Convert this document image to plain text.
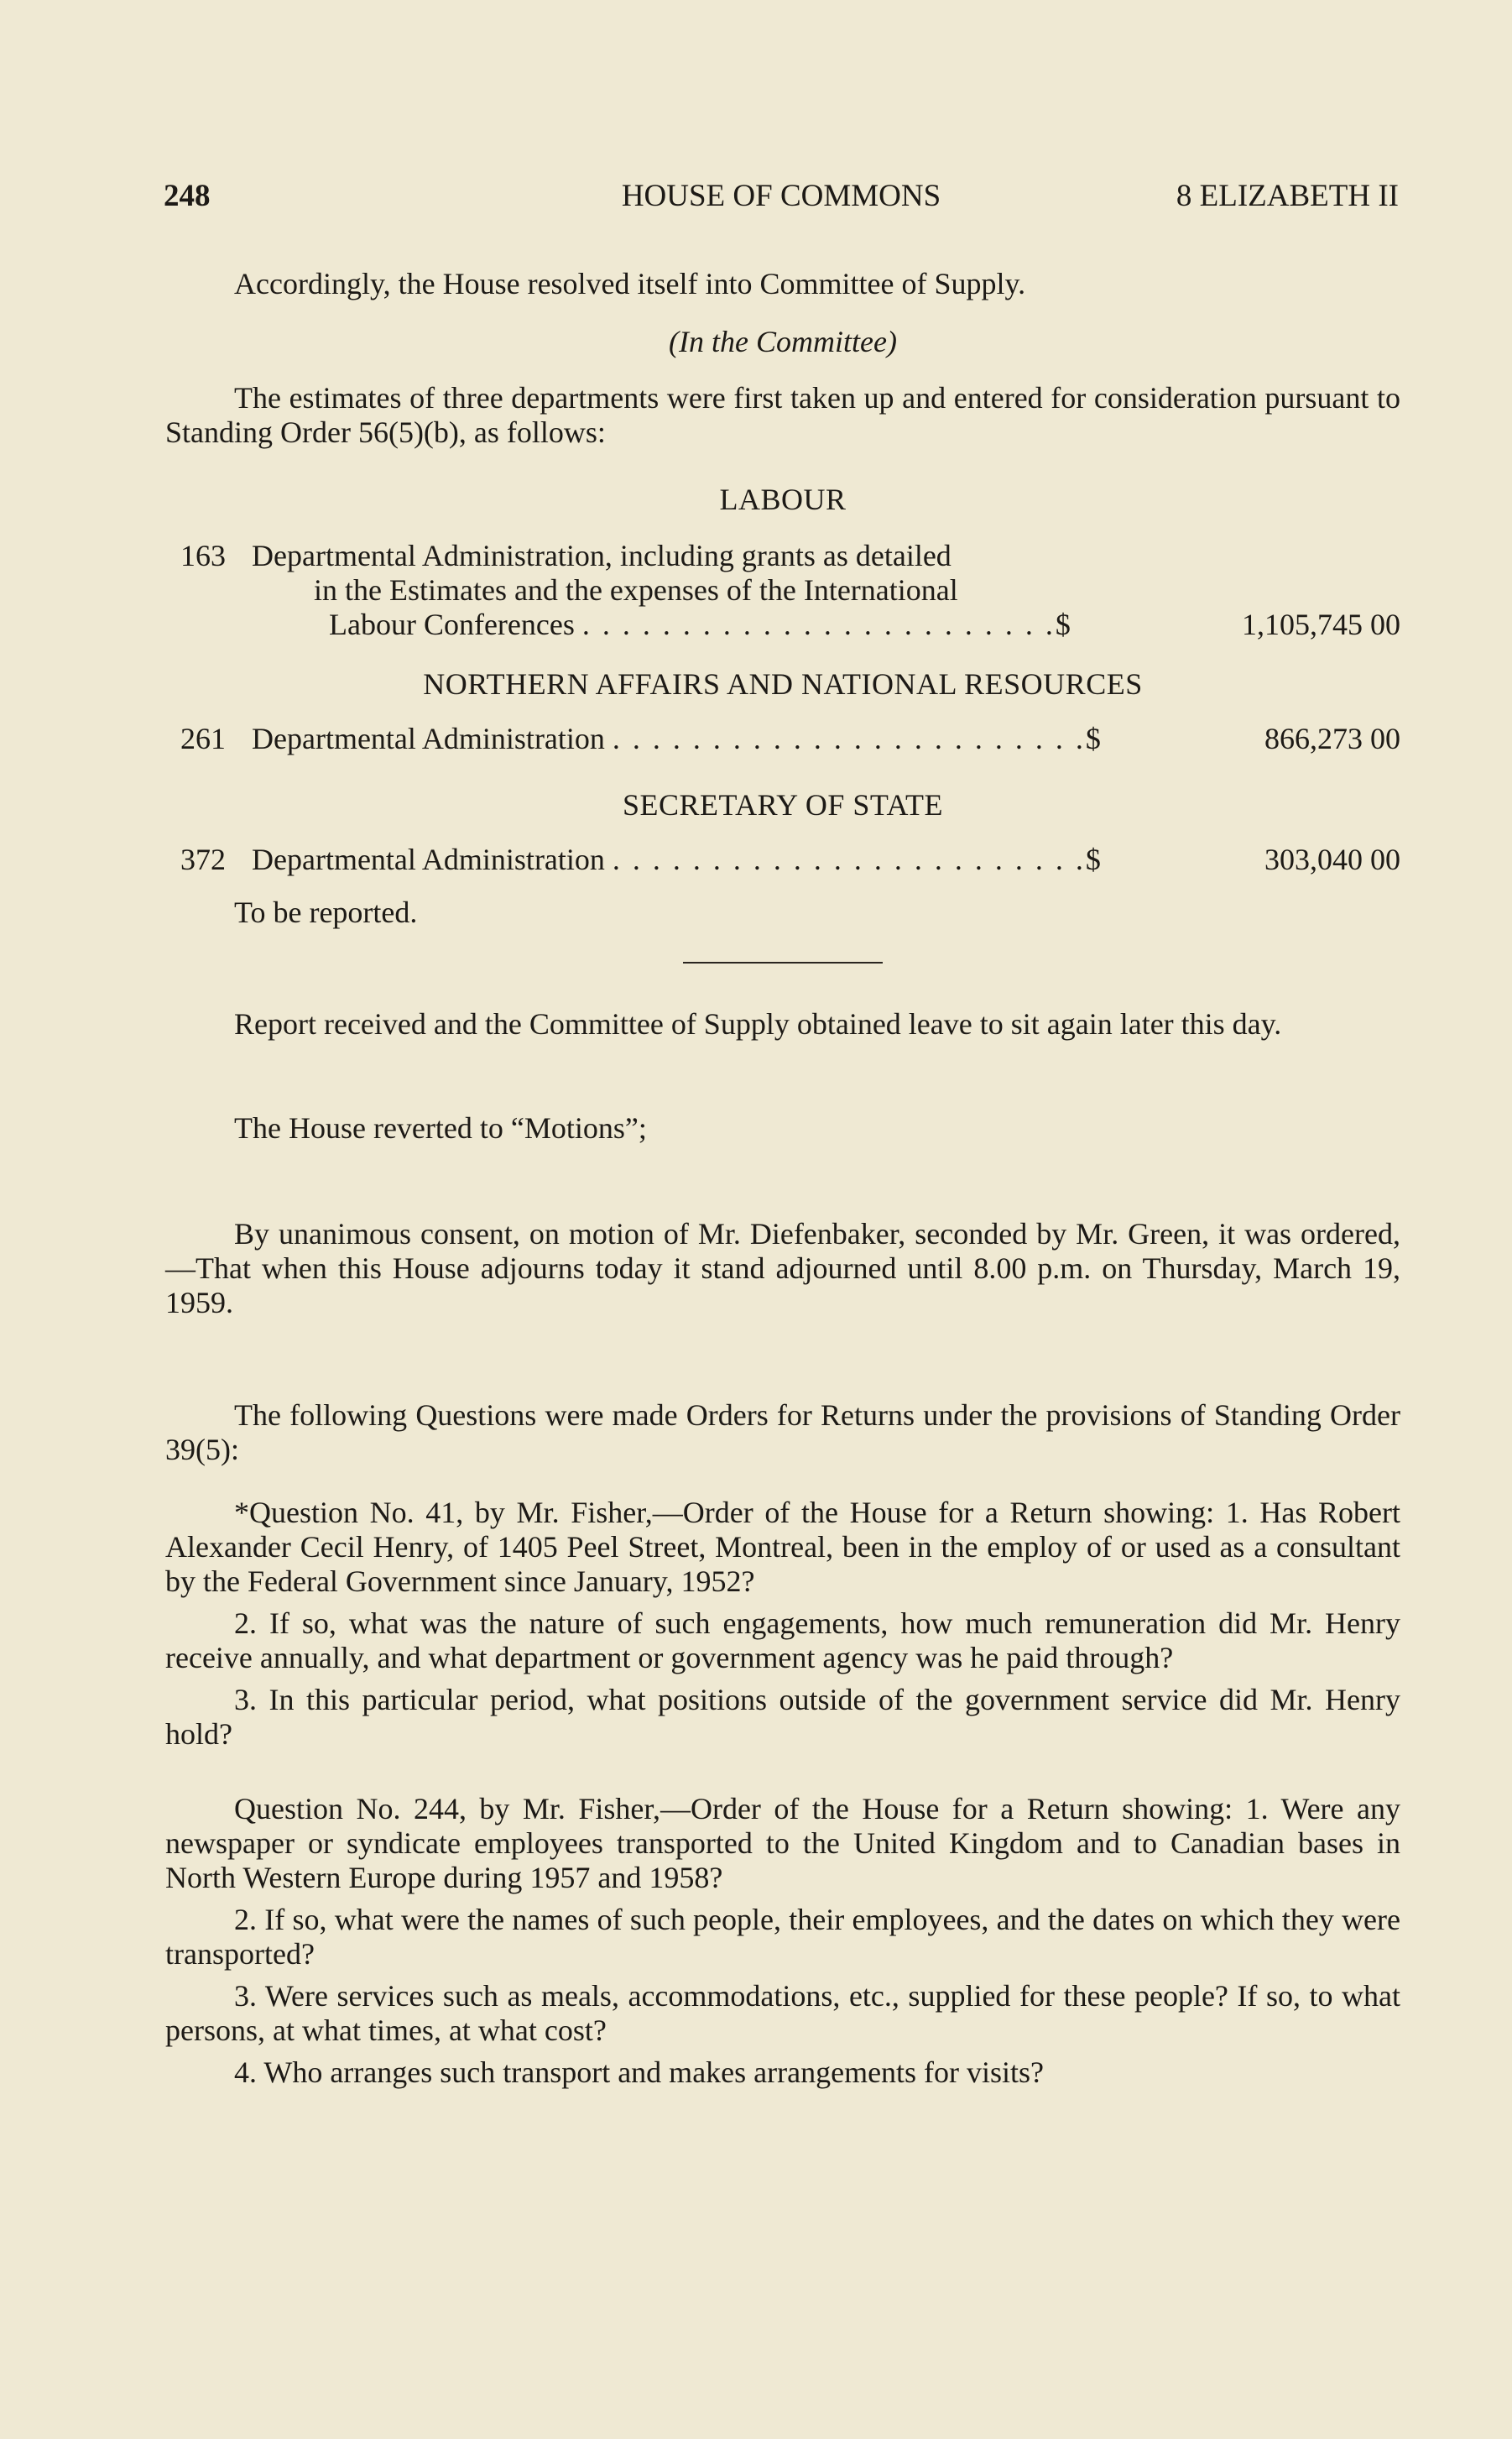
248	HOUSE OF COMMONS	8 ELIZABETH II

Accordingly, the House resolved itself into Committee of Supply.

(In the Committee)

The estimates of three departments were first taken up and entered for consideration pursuant to Standing Order 56(5)(b), as follows:

LABOUR
163 Departmental Administration, including grants as detailed
in the Estimates and the expenses of the International
Labour Conferences . . . . . . . . . . . . . . . . . . . . . . . .$	1,105,745 00
NORTHERN AFFAIRS AND NATIONAL RESOURCES
261 Departmental Administration . . . . . . . . . . . . . . . . . . . . . . . .$	866,273 00
SECRETARY OF STATE
372 Departmental Administration . . . . . . . . . . . . . . . . . . . . . . . .$	303,040 00

To be reported.

Report received and the Committee of Supply obtained leave to sit again later this day.

The House reverted to “Motions”;

By unanimous consent, on motion of Mr. Diefenbaker, seconded by Mr. Green, it was ordered,—That when this House adjourns today it stand adjourned until 8.00 p.m. on Thursday, March 19, 1959.

The following Questions were made Orders for Returns under the provisions of Standing Order 39(5):

*Question No. 41, by Mr. Fisher,—Order of the House for a Return showing: 1. Has Robert Alexander Cecil Henry, of 1405 Peel Street, Montreal, been in the employ of or used as a consultant by the Federal Government since January, 1952?

2. If so, what was the nature of such engagements, how much remuneration did Mr. Henry receive annually, and what department or government agency was he paid through?

3. In this particular period, what positions outside of the government service did Mr. Henry hold?

Question No. 244, by Mr. Fisher,—Order of the House for a Return showing: 1. Were any newspaper or syndicate employees transported to the United Kingdom and to Canadian bases in North Western Europe during 1957 and 1958?

2. If so, what were the names of such people, their employees, and the dates on which they were transported?

3. Were services such as meals, accommodations, etc., supplied for these people? If so, to what persons, at what times, at what cost?

4. Who arranges such transport and makes arrangements for visits?
